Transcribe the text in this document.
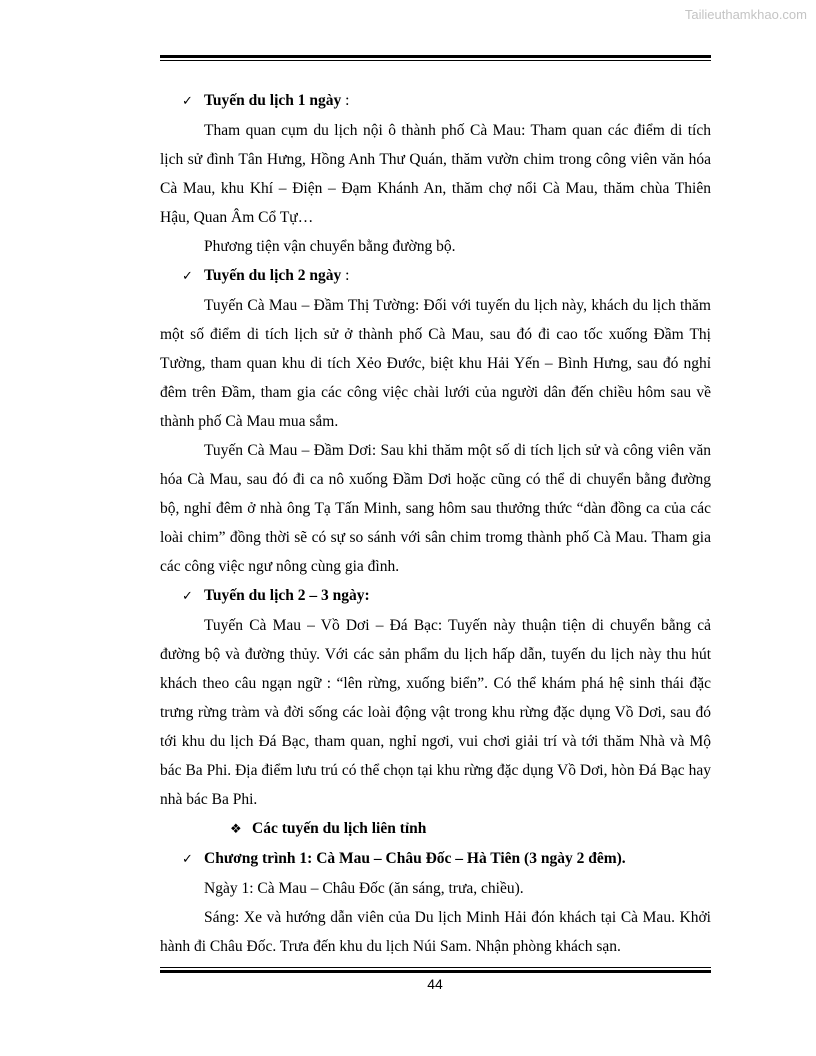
Tailieuthamkhao.com

✓ Tuyến du lịch 1 ngày :

Tham quan cụm du lịch nội ô thành phố Cà Mau: Tham quan các điểm di tích lịch sử đình Tân Hưng, Hồng Anh Thư Quán, thăm vườn chim trong công viên văn hóa Cà Mau, khu Khí – Điện – Đạm Khánh An, thăm chợ nổi Cà Mau, thăm chùa Thiên Hậu, Quan Âm Cổ Tự…

Phương tiện vận chuyển bằng đường bộ.

✓ Tuyến du lịch 2 ngày :

Tuyến Cà Mau – Đầm Thị Tường: Đối với tuyến du lịch này, khách du lịch thăm một số điểm di tích lịch sử ở thành phố Cà Mau, sau đó đi cao tốc xuống Đầm Thị Tường, tham quan khu di tích Xẻo Đước, biệt khu Hải Yến – Bình Hưng, sau đó nghỉ đêm trên Đầm, tham gia các công việc chài lưới của người dân đến chiều hôm sau về thành phố Cà Mau mua sắm.

Tuyến Cà Mau – Đầm Dơi: Sau khi thăm một số di tích lịch sử và công viên văn hóa Cà Mau, sau đó đi ca nô xuống Đầm Dơi hoặc cũng có thể di chuyển bằng đường bộ, nghỉ đêm ở nhà ông Tạ Tấn Minh, sang hôm sau thưởng thức “dàn đồng ca của các loài chim” đồng thời sẽ có sự so sánh với sân chim tromg thành phố Cà Mau. Tham gia các công việc ngư nông cùng gia đình.

✓ Tuyến du lịch 2 – 3 ngày:

Tuyến Cà Mau – Vồ Dơi – Đá Bạc: Tuyến này thuận tiện di chuyển bằng cả đường bộ và đường thủy. Với các sản phẩm du lịch hấp dẫn, tuyến du lịch này thu hút khách theo câu ngạn ngữ : “lên rừng, xuống biển”. Có thể khám phá hệ sinh thái đặc trưng rừng tràm và đời sống các loài động vật trong khu rừng đặc dụng Vồ Dơi, sau đó tới khu du lịch Đá Bạc, tham quan, nghỉ ngơi, vui chơi giải trí và tới thăm Nhà và Mộ bác Ba Phi. Địa điểm lưu trú có thể chọn tại khu rừng đặc dụng Vồ Dơi, hòn Đá Bạc hay nhà bác Ba Phi.

❖ Các tuyến du lịch liên tỉnh

✓ Chương trình 1: Cà Mau – Châu Đốc – Hà Tiên (3 ngày 2 đêm).

Ngày 1: Cà Mau – Châu Đốc (ăn sáng, trưa, chiều).

Sáng: Xe và hướng dẫn viên của Du lịch Minh Hải đón khách tại Cà Mau. Khởi hành đi Châu Đốc. Trưa đến khu du lịch Núi Sam. Nhận phòng khách sạn.

44
